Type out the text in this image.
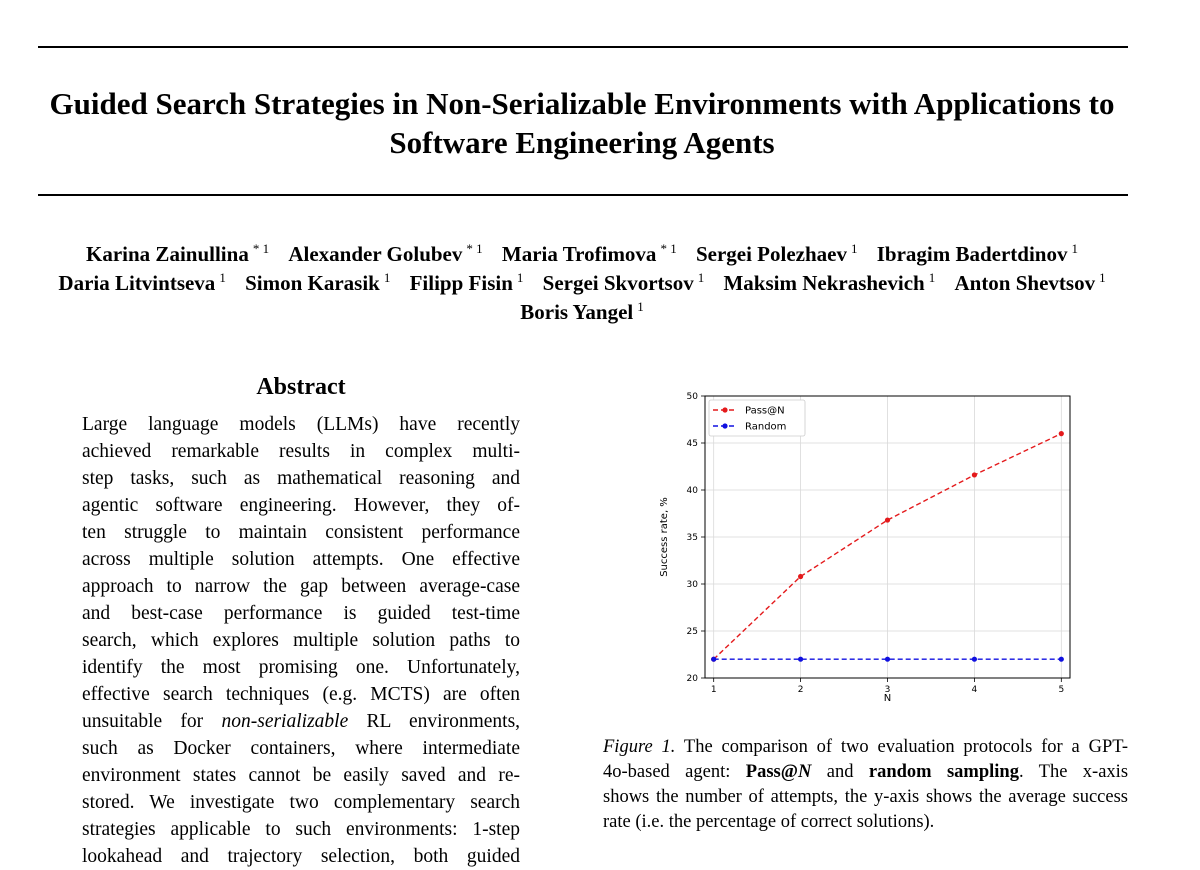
Guided Search Strategies in Non-Serializable Environments with Applications to
Software Engineering Agents
Karina Zainullina $^{* 1}$ Alexander Golubev $^{* 1}$ Maria Trofimova $^{* 1}$ Sergei Polezhaev $^1$ Ibragim Badertdinov $^1$
Daria Litvintseva $^1$ Simon Karasik $^1$ Filipp Fisin $^1$ Sergei Skvortsov $^1$ Maksim Nekrashevich $^1$ Anton Shevtsov $^1$
Boris Yangel $^1$
Abstract
Large language models (LLMs) have recently
achieved remarkable results in complex multi-
step tasks, such as mathematical reasoning and
agentic software engineering. However, they of-
ten struggle to maintain consistent performance
across multiple solution attempts. One effective
approach to narrow the gap between average-case
and best-case performance is guided test-time
search, which explores multiple solution paths to
identify the most promising one. Unfortunately,
effective search techniques (e.g. MCTS) are often
unsuitable for non-serializable RL environments,
such as Docker containers, where intermediate
environment states cannot be easily saved and re-
stored. We investigate two complementary search
strategies applicable to such environments: 1-step
lookahead and trajectory selection, both guided
1	2	3	4	5
20
25
30
35
40
45
50
N
Success rate, %
Pass@N
Random
Figure 1. The comparison of two evaluation protocols for a GPT-
4o-based agent: Pass@N and random sampling. The x-axis
shows the number of attempts, the y-axis shows the average success
rate (i.e. the percentage of correct solutions).
